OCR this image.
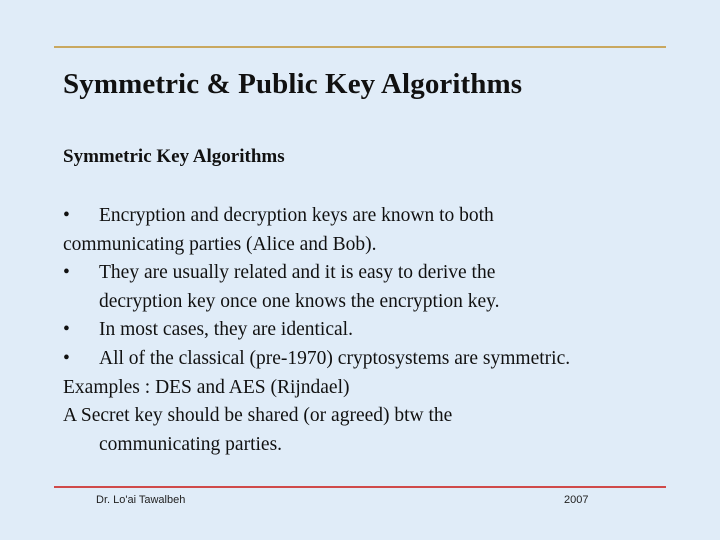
Symmetric & Public Key Algorithms
Symmetric Key Algorithms
• Encryption and decryption keys are known to both
communicating parties (Alice and Bob).
• They are usually related and it is easy to derive the
decryption key once one knows the encryption key.
• In most cases, they are identical.
• All of the classical (pre-1970) cryptosystems are symmetric.
Examples : DES and AES (Rijndael)
A Secret key should be shared (or agreed) btw the
communicating parties.
Dr. Lo'ai Tawalbeh	2007
